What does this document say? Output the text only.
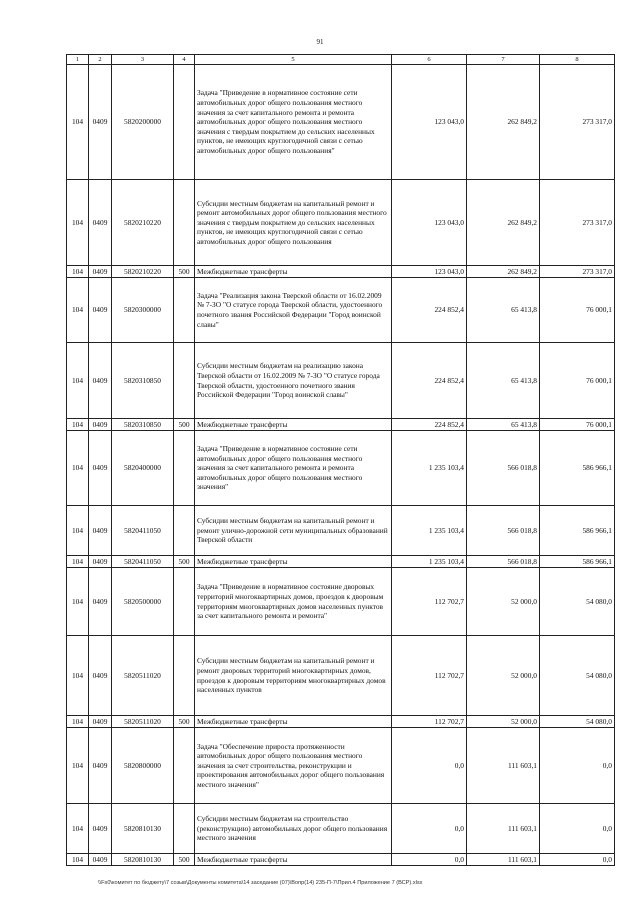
91
1	2	3	4	5	6	7	8
104	0409	5820200000		Задача "Приведение в нормативное состояние сети автомобильных дорог общего пользования местного значения за счет капитального ремонта и ремонта автомобильных дорог общего пользования местного значения с твердым покрытием до сельских населенных пунктов, не имеющих круглогодичной связи с сетью автомобильных дорог общего пользования"	123 043,0	262 849,2	273 317,0
104	0409	5820210220		Субсидии местным бюджетам на капитальный ремонт и ремонт автомобильных дорог общего пользования местного значения с твердым покрытием до сельских населенных пунктов, не имеющих круглогодичной связи с сетью автомобильных дорог общего пользования	123 043,0	262 849,2	273 317,0
104	0409	5820210220	500	Межбюджетные трансферты	123 043,0	262 849,2	273 317,0
104	0409	5820300000		Задача "Реализация закона Тверской области от 16.02.2009 № 7-ЗО "О статусе города Тверской области, удостоенного почетного звания Российской Федерации "Город воинской славы"	224 852,4	65 413,8	76 000,1
104	0409	5820310850		Субсидии местным бюджетам на реализацию закона Тверской области от 16.02.2009 № 7-ЗО "О статусе города Тверской области, удостоенного почетного звания Российской Федерации "Город воинской славы"	224 852,4	65 413,8	76 000,1
104	0409	5820310850	500	Межбюджетные трансферты	224 852,4	65 413,8	76 000,1
104	0409	5820400000		Задача "Приведение в нормативное состояние сети автомобильных дорог общего пользования местного значения за счет капитального ремонта и ремонта автомобильных дорог общего пользования местного значения"	1 235 103,4	566 018,8	586 966,1
104	0409	5820411050		Субсидии местным бюджетам на капитальный ремонт и ремонт улично-дорожной сети муниципальных образований Тверской области	1 235 103,4	566 018,8	586 966,1
104	0409	5820411050	500	Межбюджетные трансферты	1 235 103,4	566 018,8	586 966,1
104	0409	5820500000		Задача "Приведение в нормативное состояние дворовых территорий многоквартирных домов, проездов к дворовым территориям многоквартирных домов населенных пунктов за счет капитального ремонта и ремонта"	112 702,7	52 000,0	54 080,0
104	0409	5820511020		Субсидии местным бюджетам на капитальный ремонт и ремонт дворовых территорий многоквартирных домов, проездов к дворовым территориям многоквартирных домов населенных пунктов	112 702,7	52 000,0	54 080,0
104	0409	5820511020	500	Межбюджетные трансферты	112 702,7	52 000,0	54 080,0
104	0409	5820800000		Задача "Обеспечение прироста протяженности автомобильных дорог общего пользования местного значения за счет строительства, реконструкции и проектирования автомобильных дорог общего пользования местного значения"	0,0	111 603,1	0,0
104	0409	5820810130		Субсидии местным бюджетам на строительство (реконструкцию) автомобильных дорог общего пользования местного значения	0,0	111 603,1	0,0
104	0409	5820810130	500	Межбюджетные трансферты	0,0	111 603,1	0,0
\\Fs0\комитет по бюджету\7 созыв\Документы комитета\14 заседание (07)\Вопр(14) 235-П-7\Прил.4 Приложение 7 (ВСР).xlsx
